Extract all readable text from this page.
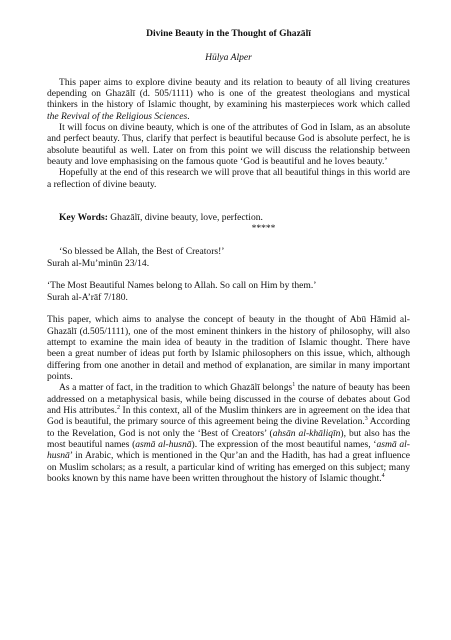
Divine Beauty in the Thought of Ghazālī
Hülya Alper

This paper aims to explore divine beauty and its relation to beauty of all living creatures depending on Ghazālī (d. 505/1111) who is one of the greatest theologians and mystical thinkers in the history of Islamic thought, by examining his masterpieces work which called the Revival of the Religious Sciences.

It will focus on divine beauty, which is one of the attributes of God in Islam, as an absolute and perfect beauty. Thus, clarify that perfect is beautiful because God is absolute perfect, he is absolute beautiful as well. Later on from this point we will discuss the relationship between beauty and love emphasising on the famous quote ‘God is beautiful and he loves beauty.’

Hopefully at the end of this research we will prove that all beautiful things in this world are a reflection of divine beauty.

Key Words: Ghazālī, divine beauty, love, perfection.

*****

‘So blessed be Allah, the Best of Creators!’

Surah al-Mu’minūn 23/14.

‘The Most Beautiful Names belong to Allah. So call on Him by them.’

Surah al-A’rāf 7/180.

This paper, which aims to analyse the concept of beauty in the thought of Abū Hāmid al-Ghazālī (d.505/1111), one of the most eminent thinkers in the history of philosophy, will also attempt to examine the main idea of beauty in the tradition of Islamic thought. There have been a great number of ideas put forth by Islamic philosophers on this issue, which, although differing from one another in detail and method of explanation, are similar in many important points.

As a matter of fact, in the tradition to which Ghazālī belongs$^1$ the nature of beauty has been addressed on a metaphysical basis, while being discussed in the course of debates about God and His attributes.$^2$ In this context, all of the Muslim thinkers are in agreement on the idea that God is beautiful, the primary source of this agreement being the divine Revelation.$^3$ According to the Revelation, God is not only the ‘Best of Creators’ (ahsān al-khāliqīn), but also has the most beautiful names (asmā al-husnā). The expression of the most beautiful names, ‘asmā al-husnā’ in Arabic, which is mentioned in the Qur’an and the Hadith, has had a great influence on Muslim scholars; as a result, a particular kind of writing has emerged on this subject; many books known by this name have been written throughout the history of Islamic thought.$^4$
